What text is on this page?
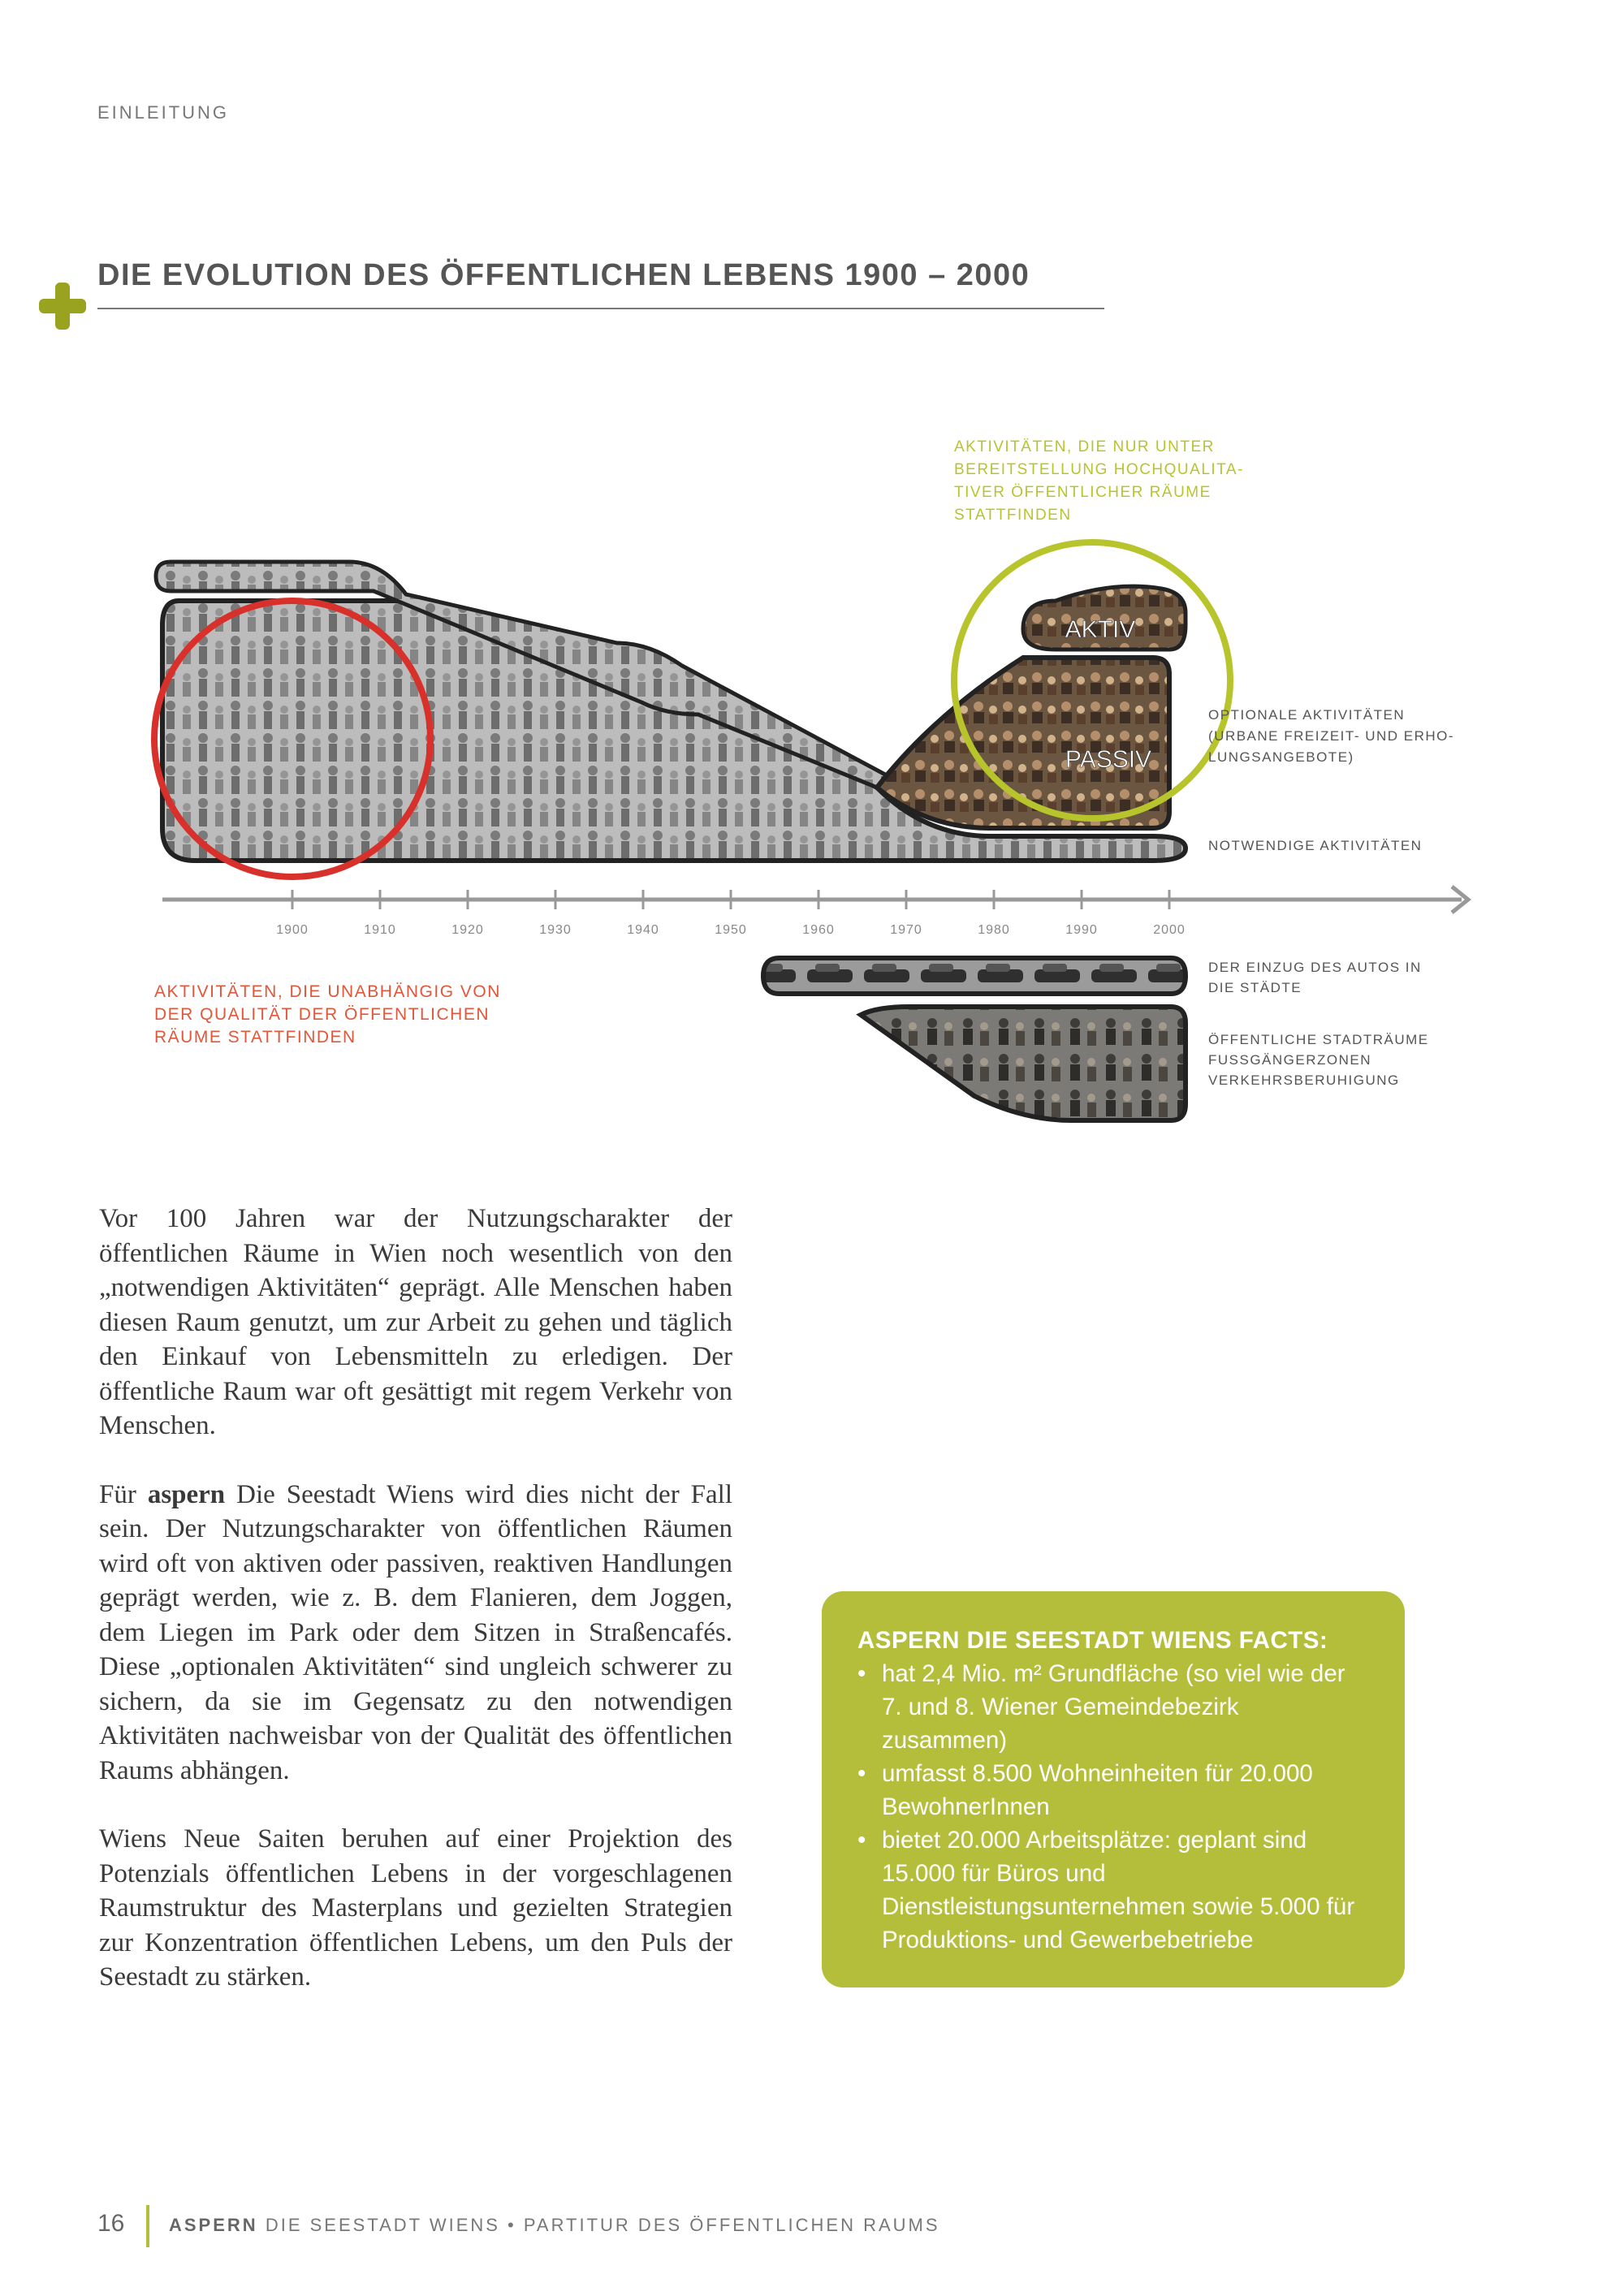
EINLEITUNG
DIE EVOLUTION DES ÖFFENTLICHEN LEBENS 1900 – 2000
AKTIV
PASSIV
AKTIVITÄTEN, DIE NUR UNTER
BEREITSTELLUNG HOCHQUALITA-
TIVER ÖFFENTLICHER RÄUME
STATTFINDEN
OPTIONALE AKTIVITÄTEN
(URBANE FREIZEIT- UND ERHO-
LUNGSANGEBOTE)
NOTWENDIGE AKTIVITÄTEN
1900	1910	1920	1930	1940	1950	1960	1970	1980	1990	2000
AKTIVITÄTEN, DIE UNABHÄNGIG VON
DER QUALITÄT DER ÖFFENTLICHEN
RÄUME STATTFINDEN
DER EINZUG DES AUTOS IN
DIE STÄDTE
ÖFFENTLICHE STADTRÄUME
FUSSGÄNGERZONEN
VERKEHRSBERUHIGUNG

Vor 100 Jahren war der Nutzungscharakter der öffentlichen Räume in Wien noch wesentlich von den „notwendigen Aktivitäten“ geprägt. Alle Menschen haben diesen Raum genutzt, um zur Arbeit zu gehen und täglich den Einkauf von Lebensmitteln zu erledigen. Der öffentliche Raum war oft gesättigt mit regem Verkehr von Menschen.

Für aspern Die Seestadt Wiens wird dies nicht der Fall sein. Der Nutzungscharakter von öffentlichen Räumen wird oft von aktiven oder passiven, reaktiven Handlungen geprägt werden, wie z. B. dem Flanieren, dem Joggen, dem Liegen im Park oder dem Sitzen in Straßencafés. Diese „optionalen Aktivitäten“ sind ungleich schwerer zu sichern, da sie im Gegensatz zu den notwendigen Aktivitäten nachweisbar von der Qualität des öffentlichen Raums abhängen.

Wiens Neue Saiten beruhen auf einer Projektion des Potenzials öffentlichen Lebens in der vorgeschlagenen Raumstruktur des Masterplans und gezielten Strategien zur Konzentration öffentlichen Lebens, um den Puls der Seestadt zu stärken.

ASPERN DIE SEESTADT WIENS FACTS:
• hat 2,4 Mio. m² Grundfläche (so viel wie der 7. und 8. Wiener Gemeindebezirk zusammen)
• umfasst 8.500 Wohneinheiten für 20.000 BewohnerInnen
• bietet 20.000 Arbeitsplätze: geplant sind 15.000 für Büros und Dienstleistungsunternehmen sowie 5.000 für Produktions- und Gewerbebetriebe
16 ASPERN DIE SEESTADT WIENS • PARTITUR DES ÖFFENTLICHEN RAUMS
